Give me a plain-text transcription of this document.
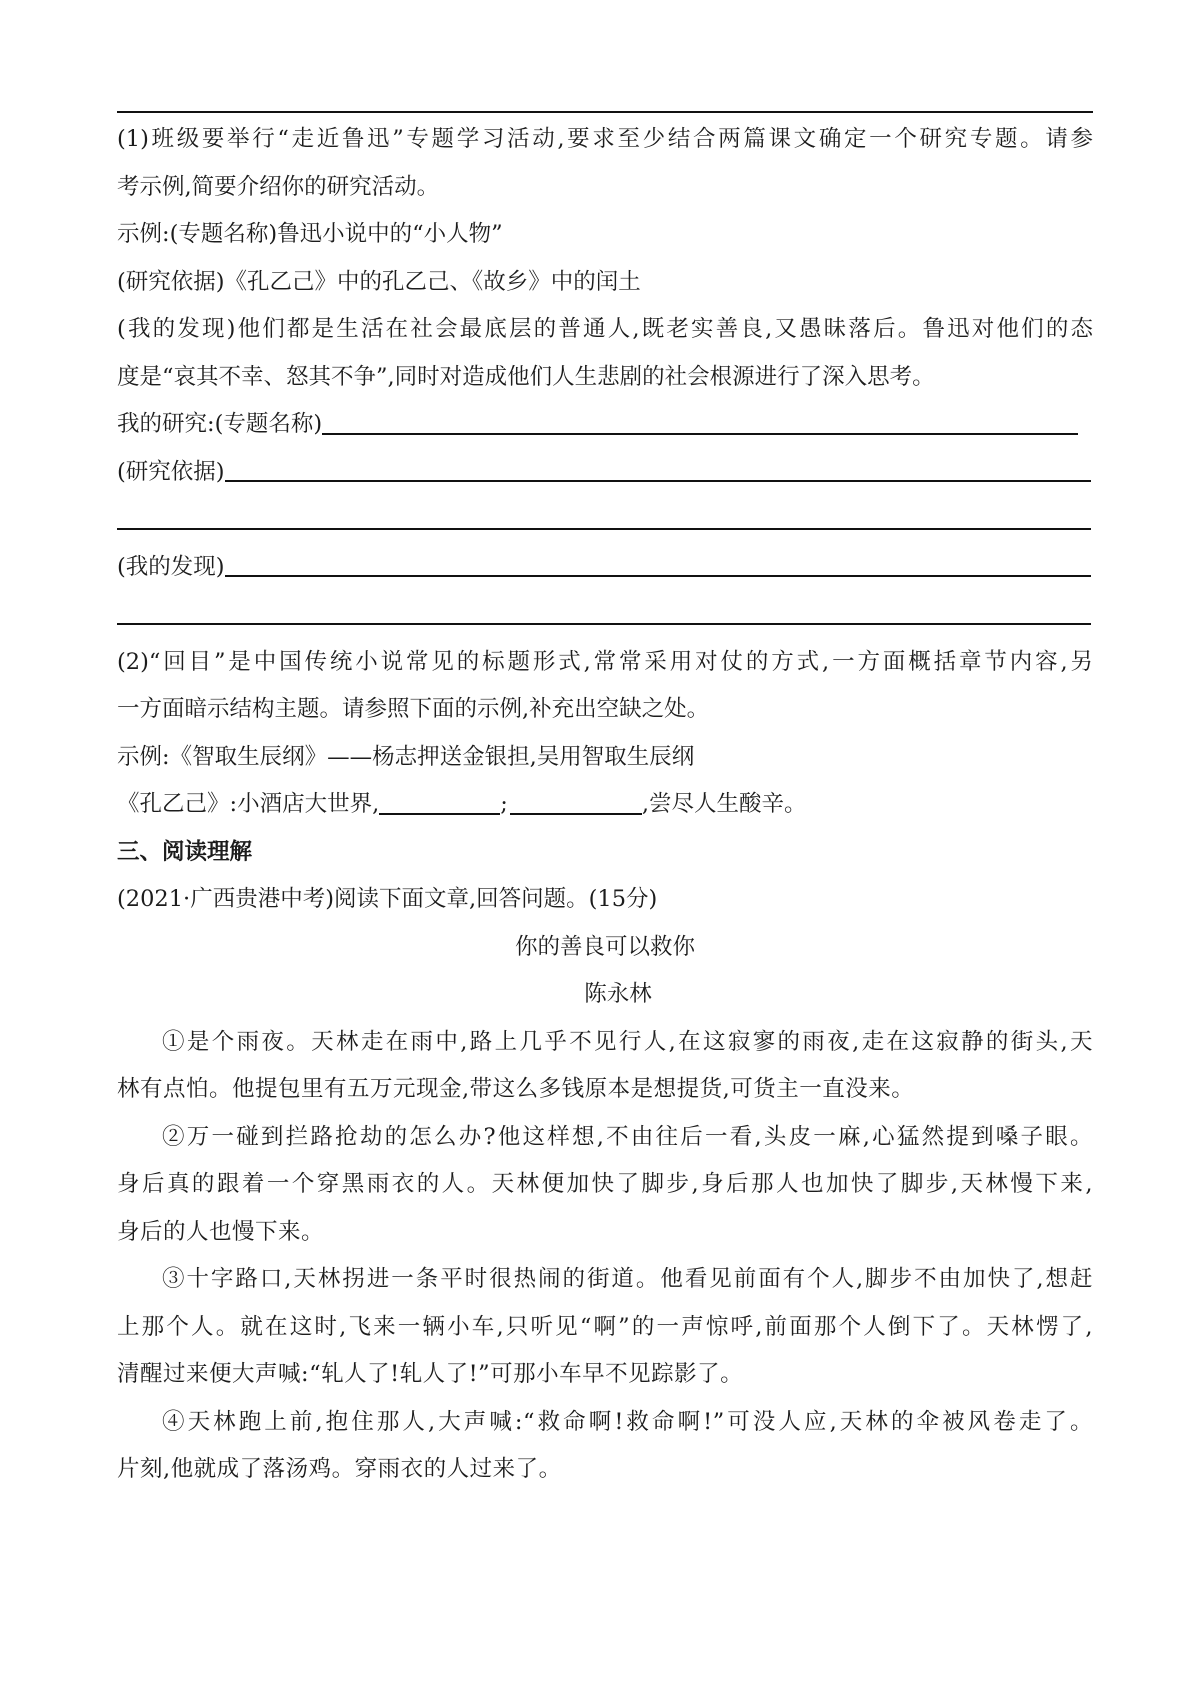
(1)班级要举行“走近鲁迅”专题学习活动,要求至少结合两篇课文确定一个研究专题。请参
考示例,简要介绍你的研究活动。
示例:(专题名称)鲁迅小说中的“小人物”
(研究依据)《孔乙己》中的孔乙己、《故乡》中的闰土
(我的发现)他们都是生活在社会最底层的普通人,既老实善良,又愚昧落后。鲁迅对他们的态
度是“哀其不幸、怒其不争”,同时对造成他们人生悲剧的社会根源进行了深入思考。
我的研究:(专题名称)
(研究依据)
(我的发现)
(2)“回目”是中国传统小说常见的标题形式,常常采用对仗的方式,一方面概括章节内容,另
一方面暗示结构主题。请参照下面的示例,补充出空缺之处。
示例:《智取生辰纲》——杨志押送金银担,吴用智取生辰纲
《孔乙己》:小酒店大世界,	;	,尝尽人生酸辛。
三、阅读理解
(2021·广西贵港中考)阅读下面文章,回答问题。(15分)
你的善良可以救你
陈永林
①是个雨夜。天林走在雨中,路上几乎不见行人,在这寂寥的雨夜,走在这寂静的街头,天
林有点怕。他提包里有五万元现金,带这么多钱原本是想提货,可货主一直没来。
②万一碰到拦路抢劫的怎么办?他这样想,不由往后一看,头皮一麻,心猛然提到嗓子眼。
身后真的跟着一个穿黑雨衣的人。天林便加快了脚步,身后那人也加快了脚步,天林慢下来,
身后的人也慢下来。
③十字路口,天林拐进一条平时很热闹的街道。他看见前面有个人,脚步不由加快了,想赶
上那个人。就在这时,飞来一辆小车,只听见“啊”的一声惊呼,前面那个人倒下了。天林愣了,
清醒过来便大声喊:“轧人了!轧人了!”可那小车早不见踪影了。
④天林跑上前,抱住那人,大声喊:“救命啊!救命啊!”可没人应,天林的伞被风卷走了。
片刻,他就成了落汤鸡。穿雨衣的人过来了。
